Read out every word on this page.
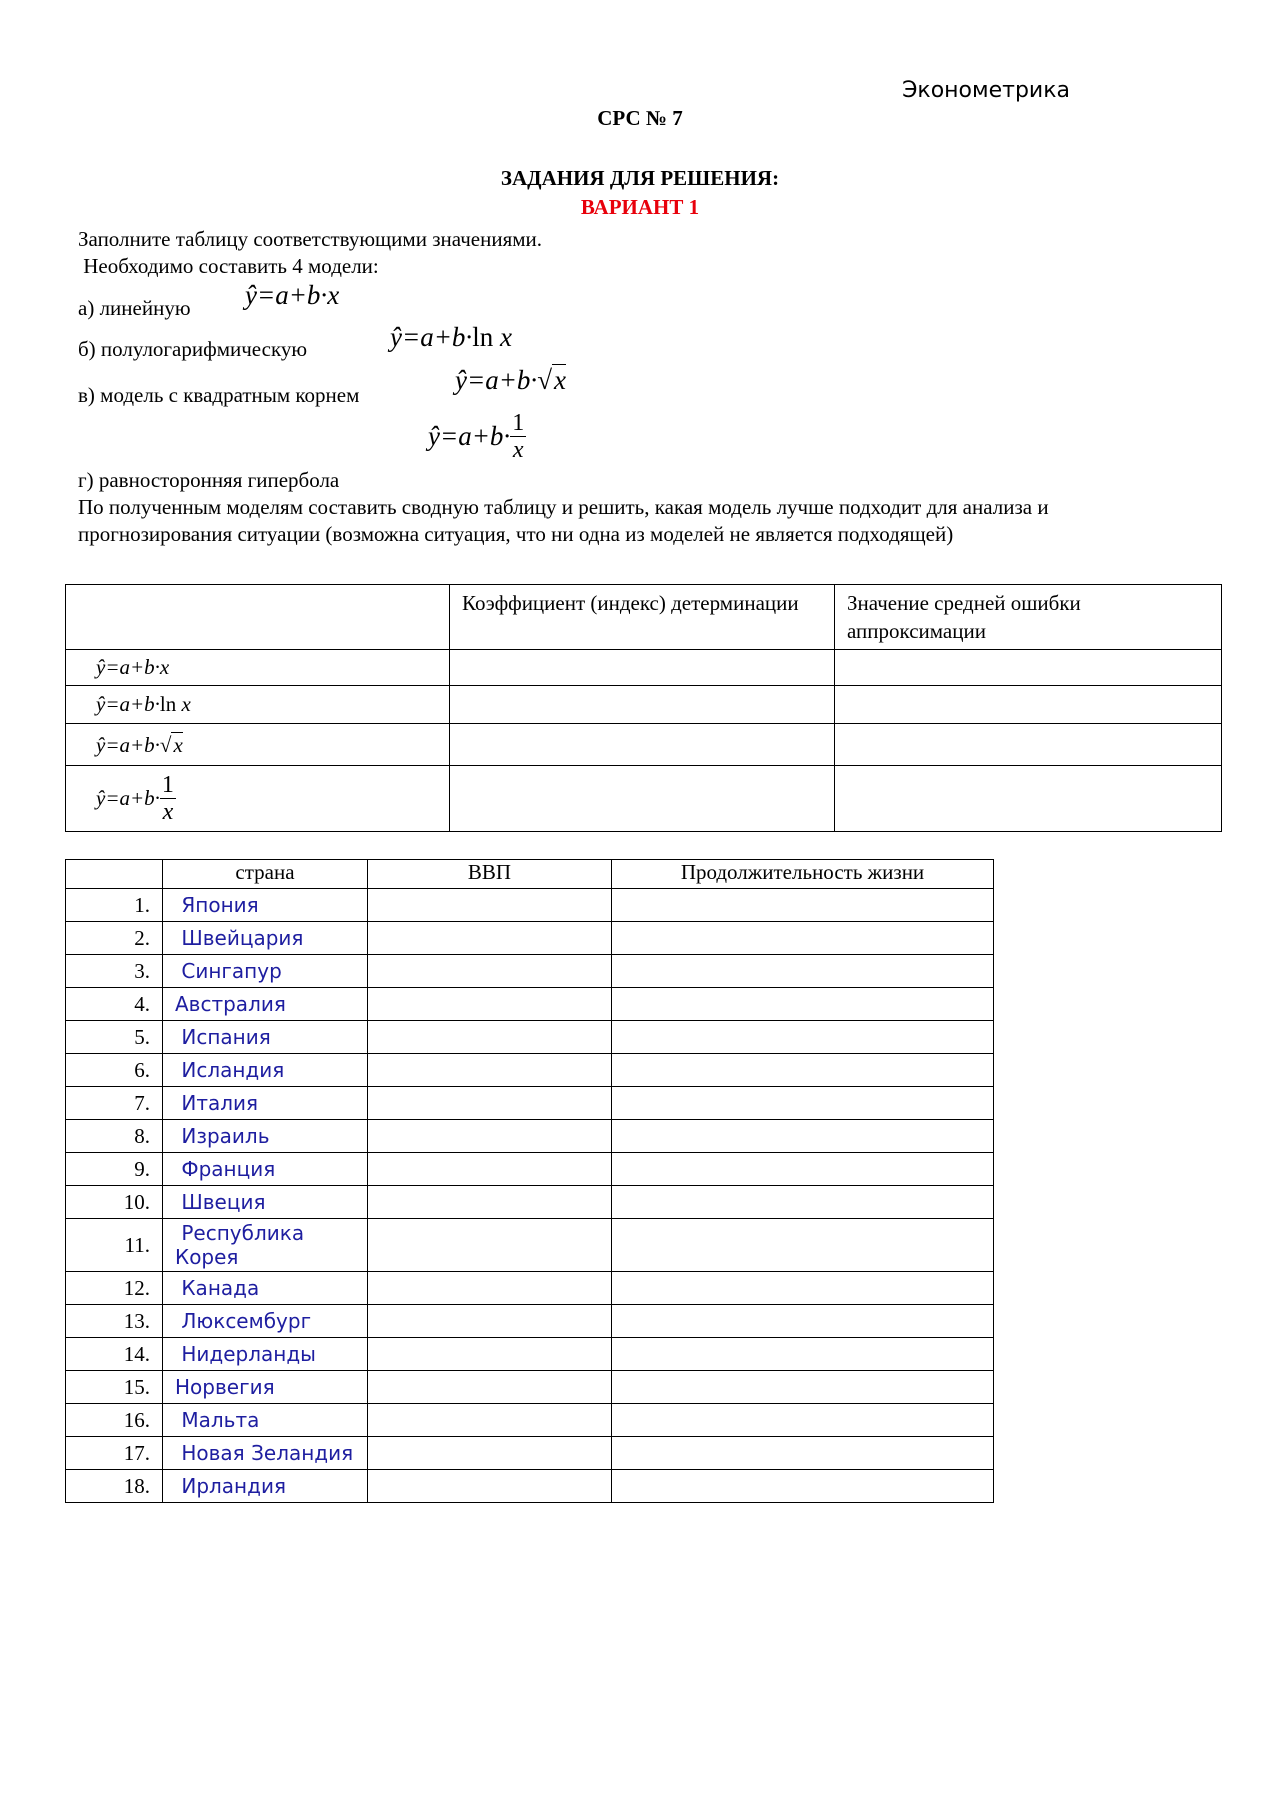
Эконометрика
СРС № 7
ЗАДАНИЯ ДЛЯ РЕШЕНИЯ:
ВАРИАНТ 1
Заполните таблицу соответствующими значениями.
Необходимо составить 4 модели:
а) линейную ŷ=a+b·x
б) полулогарифмическую	ŷ=a+b·ln x
в) модель с квадратным корнем	ŷ=a+b·√x
ŷ=a+b· $\frac{1}{x}$
г) равносторонняя гипербола
По полученным моделям составить сводную таблицу и решить, какая модель лучше подходит для анализа и прогнозирования ситуации (возможна ситуация, что ни одна из моделей не является подходящей)
	Коэффициент (индекс) детерминации	Значение средней ошибки аппроксимации
ŷ=a+b·x		
ŷ=a+b·ln x		
ŷ=a+b·√x		
ŷ=a+b· $\frac{1}{x}$

	страна	ВВП	Продолжительность жизни
1.	Япония		
2.	Швейцария		
3.	Сингапур		
4.	Австралия		
5.	Испания		
6.	Исландия		
7.	Италия		
8.	Израиль		
9.	Франция		
10.	Швеция		
11.	Республика Корея		
12.	Канада		
13.	Люксембург		
14.	Нидерланды		
15.	Норвегия		
16.	Мальта		
17.	Новая Зеландия		
18.	Ирландия		
